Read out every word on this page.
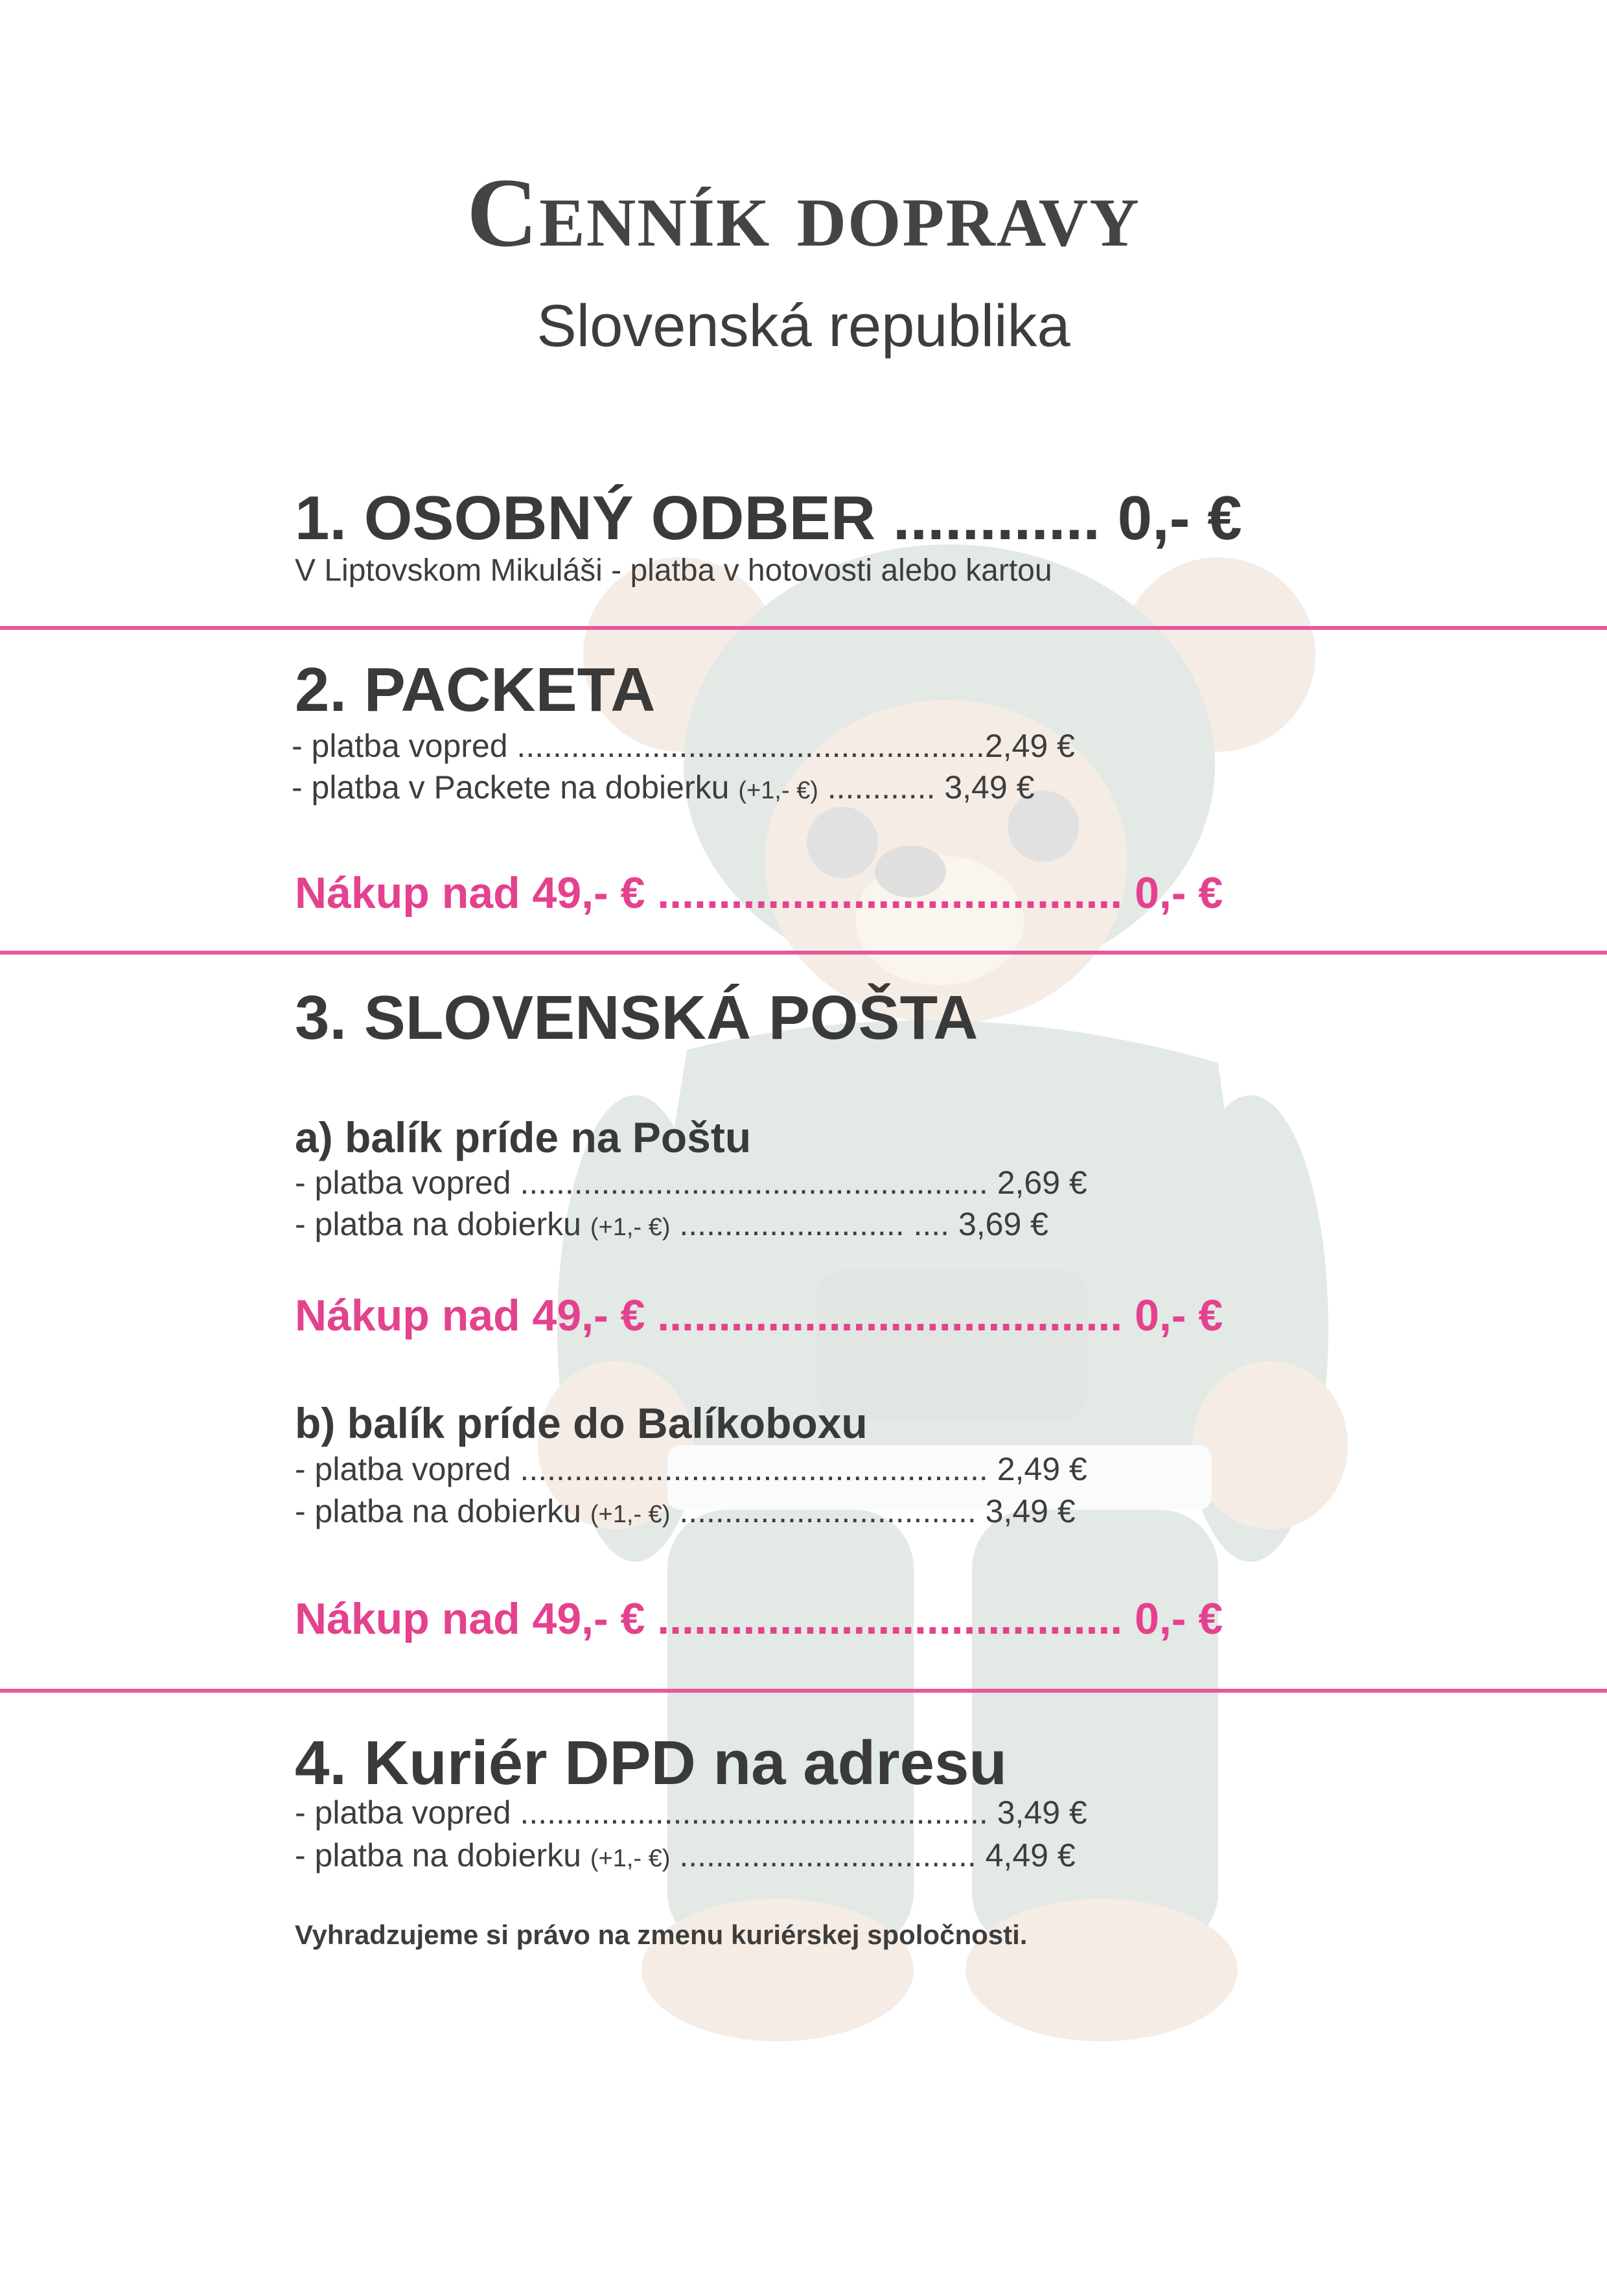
Cenník dopravy
Slovenská republika
1. OSOBNÝ ODBER ............ 0,- €
V Liptovskom Mikuláši - platba v hotovosti alebo kartou
2. PACKETA
- platba vopred ....................................................2,49 €
- platba v Packete na dobierku (+1,- €) ............ 3,49 €
Nákup nad 49,- € ...................................... 0,- €
3. SLOVENSKÁ POŠTA
a) balík príde na Poštu
- platba vopred .................................................... 2,69 €
- platba na dobierku (+1,- €) ......................... .... 3,69 €
Nákup nad 49,- € ...................................... 0,- €
b) balík príde do Balíkoboxu
- platba vopred .................................................... 2,49 €
- platba na dobierku (+1,- €) ................................. 3,49 €
Nákup nad 49,- € ...................................... 0,- €
4. Kuriér DPD na adresu
- platba vopred .................................................... 3,49 €
- platba na dobierku (+1,- €) ................................. 4,49 €
Vyhradzujeme si právo na zmenu kuriérskej spoločnosti.
